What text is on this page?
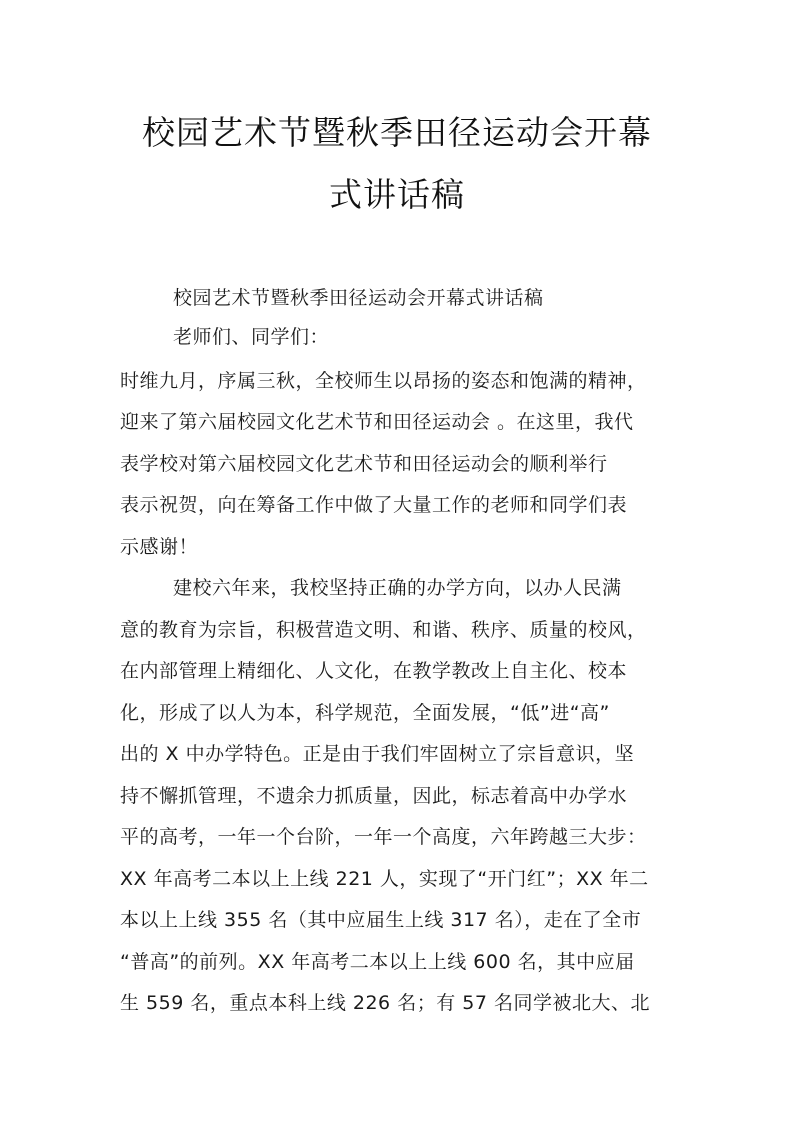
校园艺术节暨秋季田径运动会开幕
式讲话稿
校园艺术节暨秋季田径运动会开幕式讲话稿
老师们、同学们：
时维九月，序属三秋，全校师生以昂扬的姿态和饱满的精神，
迎来了第六届校园文化艺术节和田径运动会 。在这里，我代
表学校对第六届校园文化艺术节和田径运动会的顺利举行
表示祝贺，向在筹备工作中做了大量工作的老师和同学们表
示感谢！
建校六年来，我校坚持正确的办学方向，以办人民满
意的教育为宗旨，积极营造文明、和谐、秩序、质量的校风，
在内部管理上精细化、人文化，在教学教改上自主化、校本
化，形成了以人为本，科学规范，全面发展，“低”进“高”
出的 X 中办学特色。正是由于我们牢固树立了宗旨意识，坚
持不懈抓管理，不遗余力抓质量，因此，标志着高中办学水
平的高考，一年一个台阶，一年一个高度，六年跨越三大步：
XX 年高考二本以上上线 221 人，实现了“开门红”；XX 年二
本以上上线 355 名（其中应届生上线 317 名），走在了全市
“普高”的前列。XX 年高考二本以上上线 600 名，其中应届
生 559 名，重点本科上线 226 名；有 57 名同学被北大、北
